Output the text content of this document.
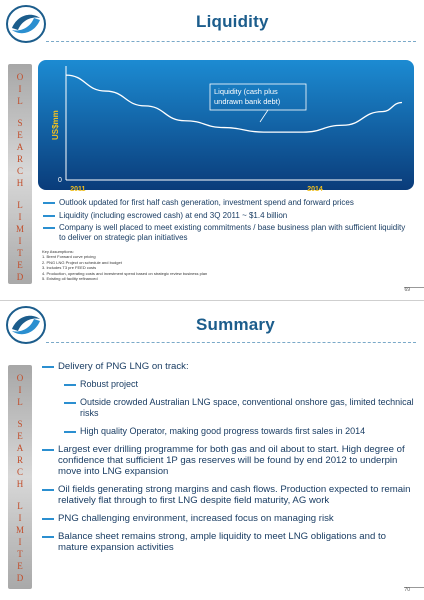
Liquidity
O
I
L
S
E
A
R
C
H
L
I
M
I
T
E
D
US$mm
0
2011	2014
Liquidity (cash plus
undrawn bank debt)
Outlook updated for first half cash generation, investment spend and forward prices
Liquidity (including escrowed cash) at end 3Q 2011 ~ $1.4 billion
Company is well placed to meet existing commitments / base business plan with sufficient liquidity to deliver on strategic plan initiatives
Key Assumptions:
1. Brent Forward curve pricing
2. PNG LNG Project on schedule and budget
3. Includes T3 pre FEED costs
4. Production, operating costs and investment spend based on strategic review business plan
5. Existing oil facility refinanced
69
Summary
O
I
L
S
E
A
R
C
H
L
I
M
I
T
E
D
Delivery of PNG LNG on track:
Robust project
Outside crowded Australian LNG space, conventional onshore gas, limited technical risks
High quality Operator, making good progress towards first sales in 2014
Largest ever drilling programme for both gas and oil about to start. High degree of confidence that sufficient 1P gas reserves will be found by end 2012 to underpin move into LNG expansion
Oil fields generating strong margins and cash flows. Production expected to remain relatively flat through to first LNG despite field maturity, AG work
PNG challenging environment, increased focus on managing risk
Balance sheet remains strong, ample liquidity to meet LNG obligations and to mature expansion activities
70
